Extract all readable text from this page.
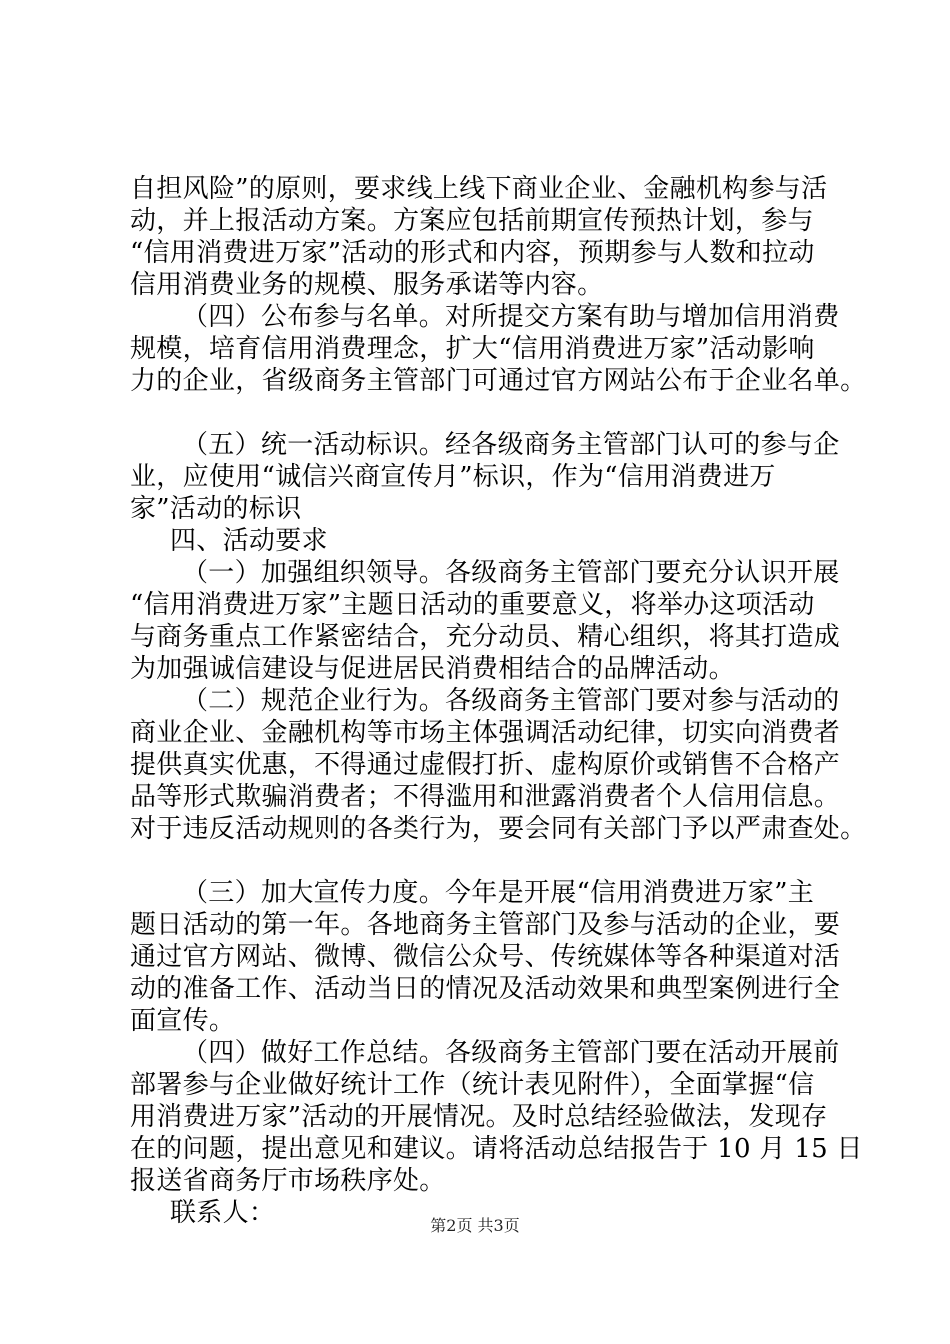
自担风险”的原则，要求线上线下商业企业、金融机构参与活
动，并上报活动方案。方案应包括前期宣传预热计划，参与
“信用消费进万家”活动的形式和内容，预期参与人数和拉动
信用消费业务的规模、服务承诺等内容。
（四）公布参与名单。对所提交方案有助与增加信用消费
规模，培育信用消费理念，扩大“信用消费进万家”活动影响
力的企业，省级商务主管部门可通过官方网站公布于企业名单。
（五）统一活动标识。经各级商务主管部门认可的参与企
业，应使用“诚信兴商宣传月”标识，作为“信用消费进万
家”活动的标识
四、活动要求
（一）加强组织领导。各级商务主管部门要充分认识开展
“信用消费进万家”主题日活动的重要意义，将举办这项活动
与商务重点工作紧密结合，充分动员、精心组织，将其打造成
为加强诚信建设与促进居民消费相结合的品牌活动。
（二）规范企业行为。各级商务主管部门要对参与活动的
商业企业、金融机构等市场主体强调活动纪律，切实向消费者
提供真实优惠，不得通过虚假打折、虚构原价或销售不合格产
品等形式欺骗消费者；不得滥用和泄露消费者个人信用信息。
对于违反活动规则的各类行为，要会同有关部门予以严肃查处。
（三）加大宣传力度。今年是开展“信用消费进万家”主
题日活动的第一年。各地商务主管部门及参与活动的企业，要
通过官方网站、微博、微信公众号、传统媒体等各种渠道对活
动的准备工作、活动当日的情况及活动效果和典型案例进行全
面宣传。
（四）做好工作总结。各级商务主管部门要在活动开展前
部署参与企业做好统计工作（统计表见附件），全面掌握“信
用消费进万家”活动的开展情况。及时总结经验做法，发现存
在的问题，提出意见和建议。请将活动总结报告于 10 月 15 日
报送省商务厅市场秩序处。
联系人：	第2页 共3页
